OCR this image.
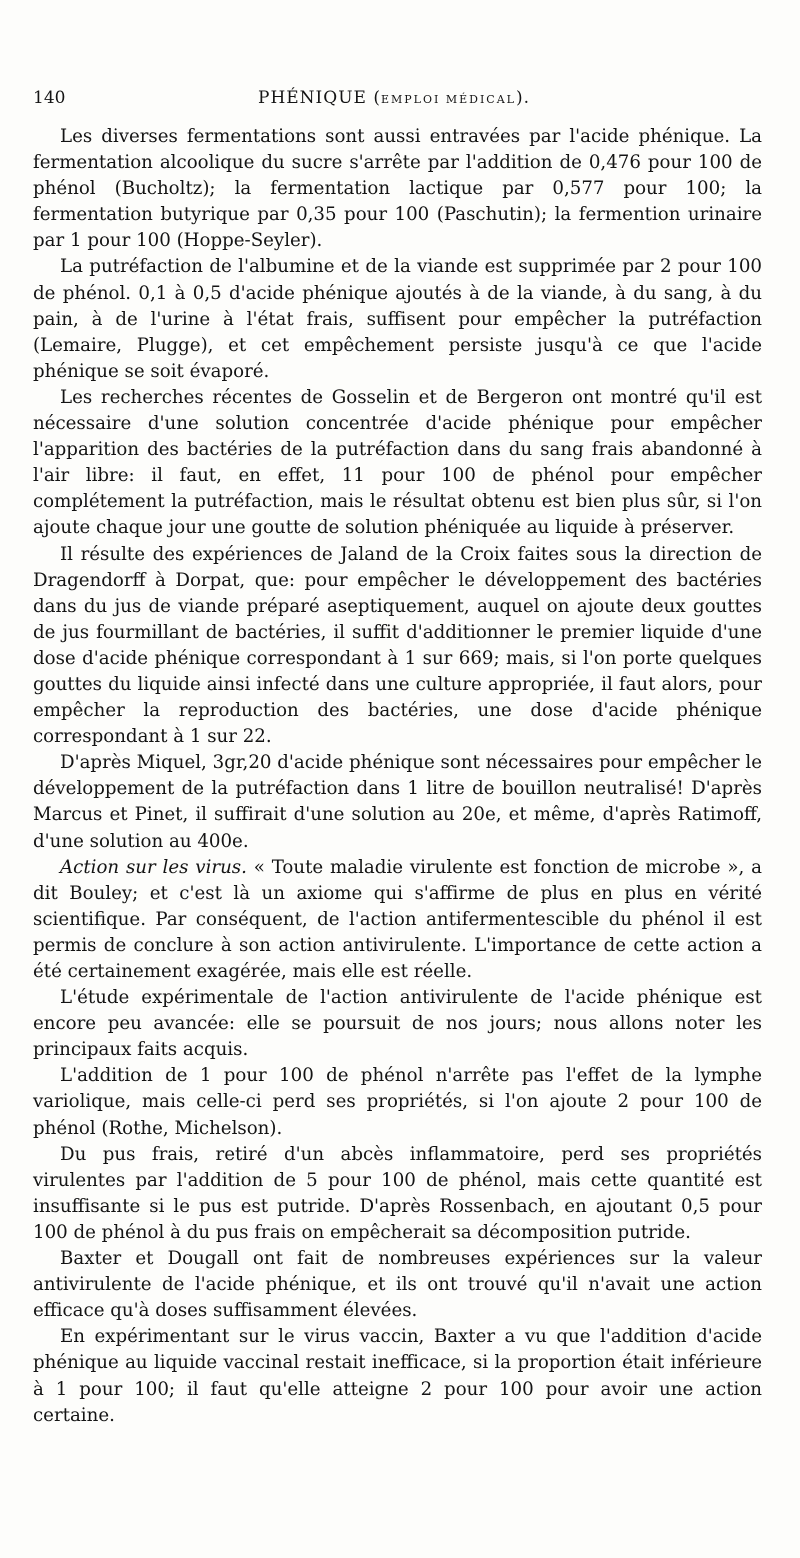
140	PHÉNIQUE (EMPLOI MÉDICAL).

Les diverses fermentations sont aussi entravées par l'acide phénique. La fermentation alcoolique du sucre s'arrête par l'addition de 0,476 pour 100 de phénol (Bucholtz); la fermentation lactique par 0,577 pour 100; la fermentation butyrique par 0,35 pour 100 (Paschutin); la fermention urinaire par 1 pour 100 (Hoppe-Seyler).

La putréfaction de l'albumine et de la viande est supprimée par 2 pour 100 de phénol. 0,1 à 0,5 d'acide phénique ajoutés à de la viande, à du sang, à du pain, à de l'urine à l'état frais, suffisent pour empêcher la putréfaction (Lemaire, Plugge), et cet empêchement persiste jusqu'à ce que l'acide phénique se soit évaporé.

Les recherches récentes de Gosselin et de Bergeron ont montré qu'il est nécessaire d'une solution concentrée d'acide phénique pour empêcher l'apparition des bactéries de la putréfaction dans du sang frais abandonné à l'air libre: il faut, en effet, 11 pour 100 de phénol pour empêcher complétement la putréfaction, mais le résultat obtenu est bien plus sûr, si l'on ajoute chaque jour une goutte de solution phéniquée au liquide à préserver.

Il résulte des expériences de Jaland de la Croix faites sous la direction de Dragendorff à Dorpat, que: pour empêcher le développement des bactéries dans du jus de viande préparé aseptiquement, auquel on ajoute deux gouttes de jus fourmillant de bactéries, il suffit d'additionner le premier liquide d'une dose d'acide phénique correspondant à 1 sur 669; mais, si l'on porte quelques gouttes du liquide ainsi infecté dans une culture appropriée, il faut alors, pour empêcher la reproduction des bactéries, une dose d'acide phénique correspondant à 1 sur 22.

D'après Miquel, 3gr,20 d'acide phénique sont nécessaires pour empêcher le développement de la putréfaction dans 1 litre de bouillon neutralisé! D'après Marcus et Pinet, il suffirait d'une solution au 20e, et même, d'après Ratimoff, d'une solution au 400e.

Action sur les virus. « Toute maladie virulente est fonction de microbe », a dit Bouley; et c'est là un axiome qui s'affirme de plus en plus en vérité scientifique. Par conséquent, de l'action antifermentescible du phénol il est permis de conclure à son action antivirulente. L'importance de cette action a été certainement exagérée, mais elle est réelle.

L'étude expérimentale de l'action antivirulente de l'acide phénique est encore peu avancée: elle se poursuit de nos jours; nous allons noter les principaux faits acquis.

L'addition de 1 pour 100 de phénol n'arrête pas l'effet de la lymphe variolique, mais celle-ci perd ses propriétés, si l'on ajoute 2 pour 100 de phénol (Rothe, Michelson).

Du pus frais, retiré d'un abcès inflammatoire, perd ses propriétés virulentes par l'addition de 5 pour 100 de phénol, mais cette quantité est insuffisante si le pus est putride. D'après Rossenbach, en ajoutant 0,5 pour 100 de phénol à du pus frais on empêcherait sa décomposition putride.

Baxter et Dougall ont fait de nombreuses expériences sur la valeur antivirulente de l'acide phénique, et ils ont trouvé qu'il n'avait une action efficace qu'à doses suffisamment élevées.

En expérimentant sur le virus vaccin, Baxter a vu que l'addition d'acide phénique au liquide vaccinal restait inefficace, si la proportion était inférieure à 1 pour 100; il faut qu'elle atteigne 2 pour 100 pour avoir une action certaine.
